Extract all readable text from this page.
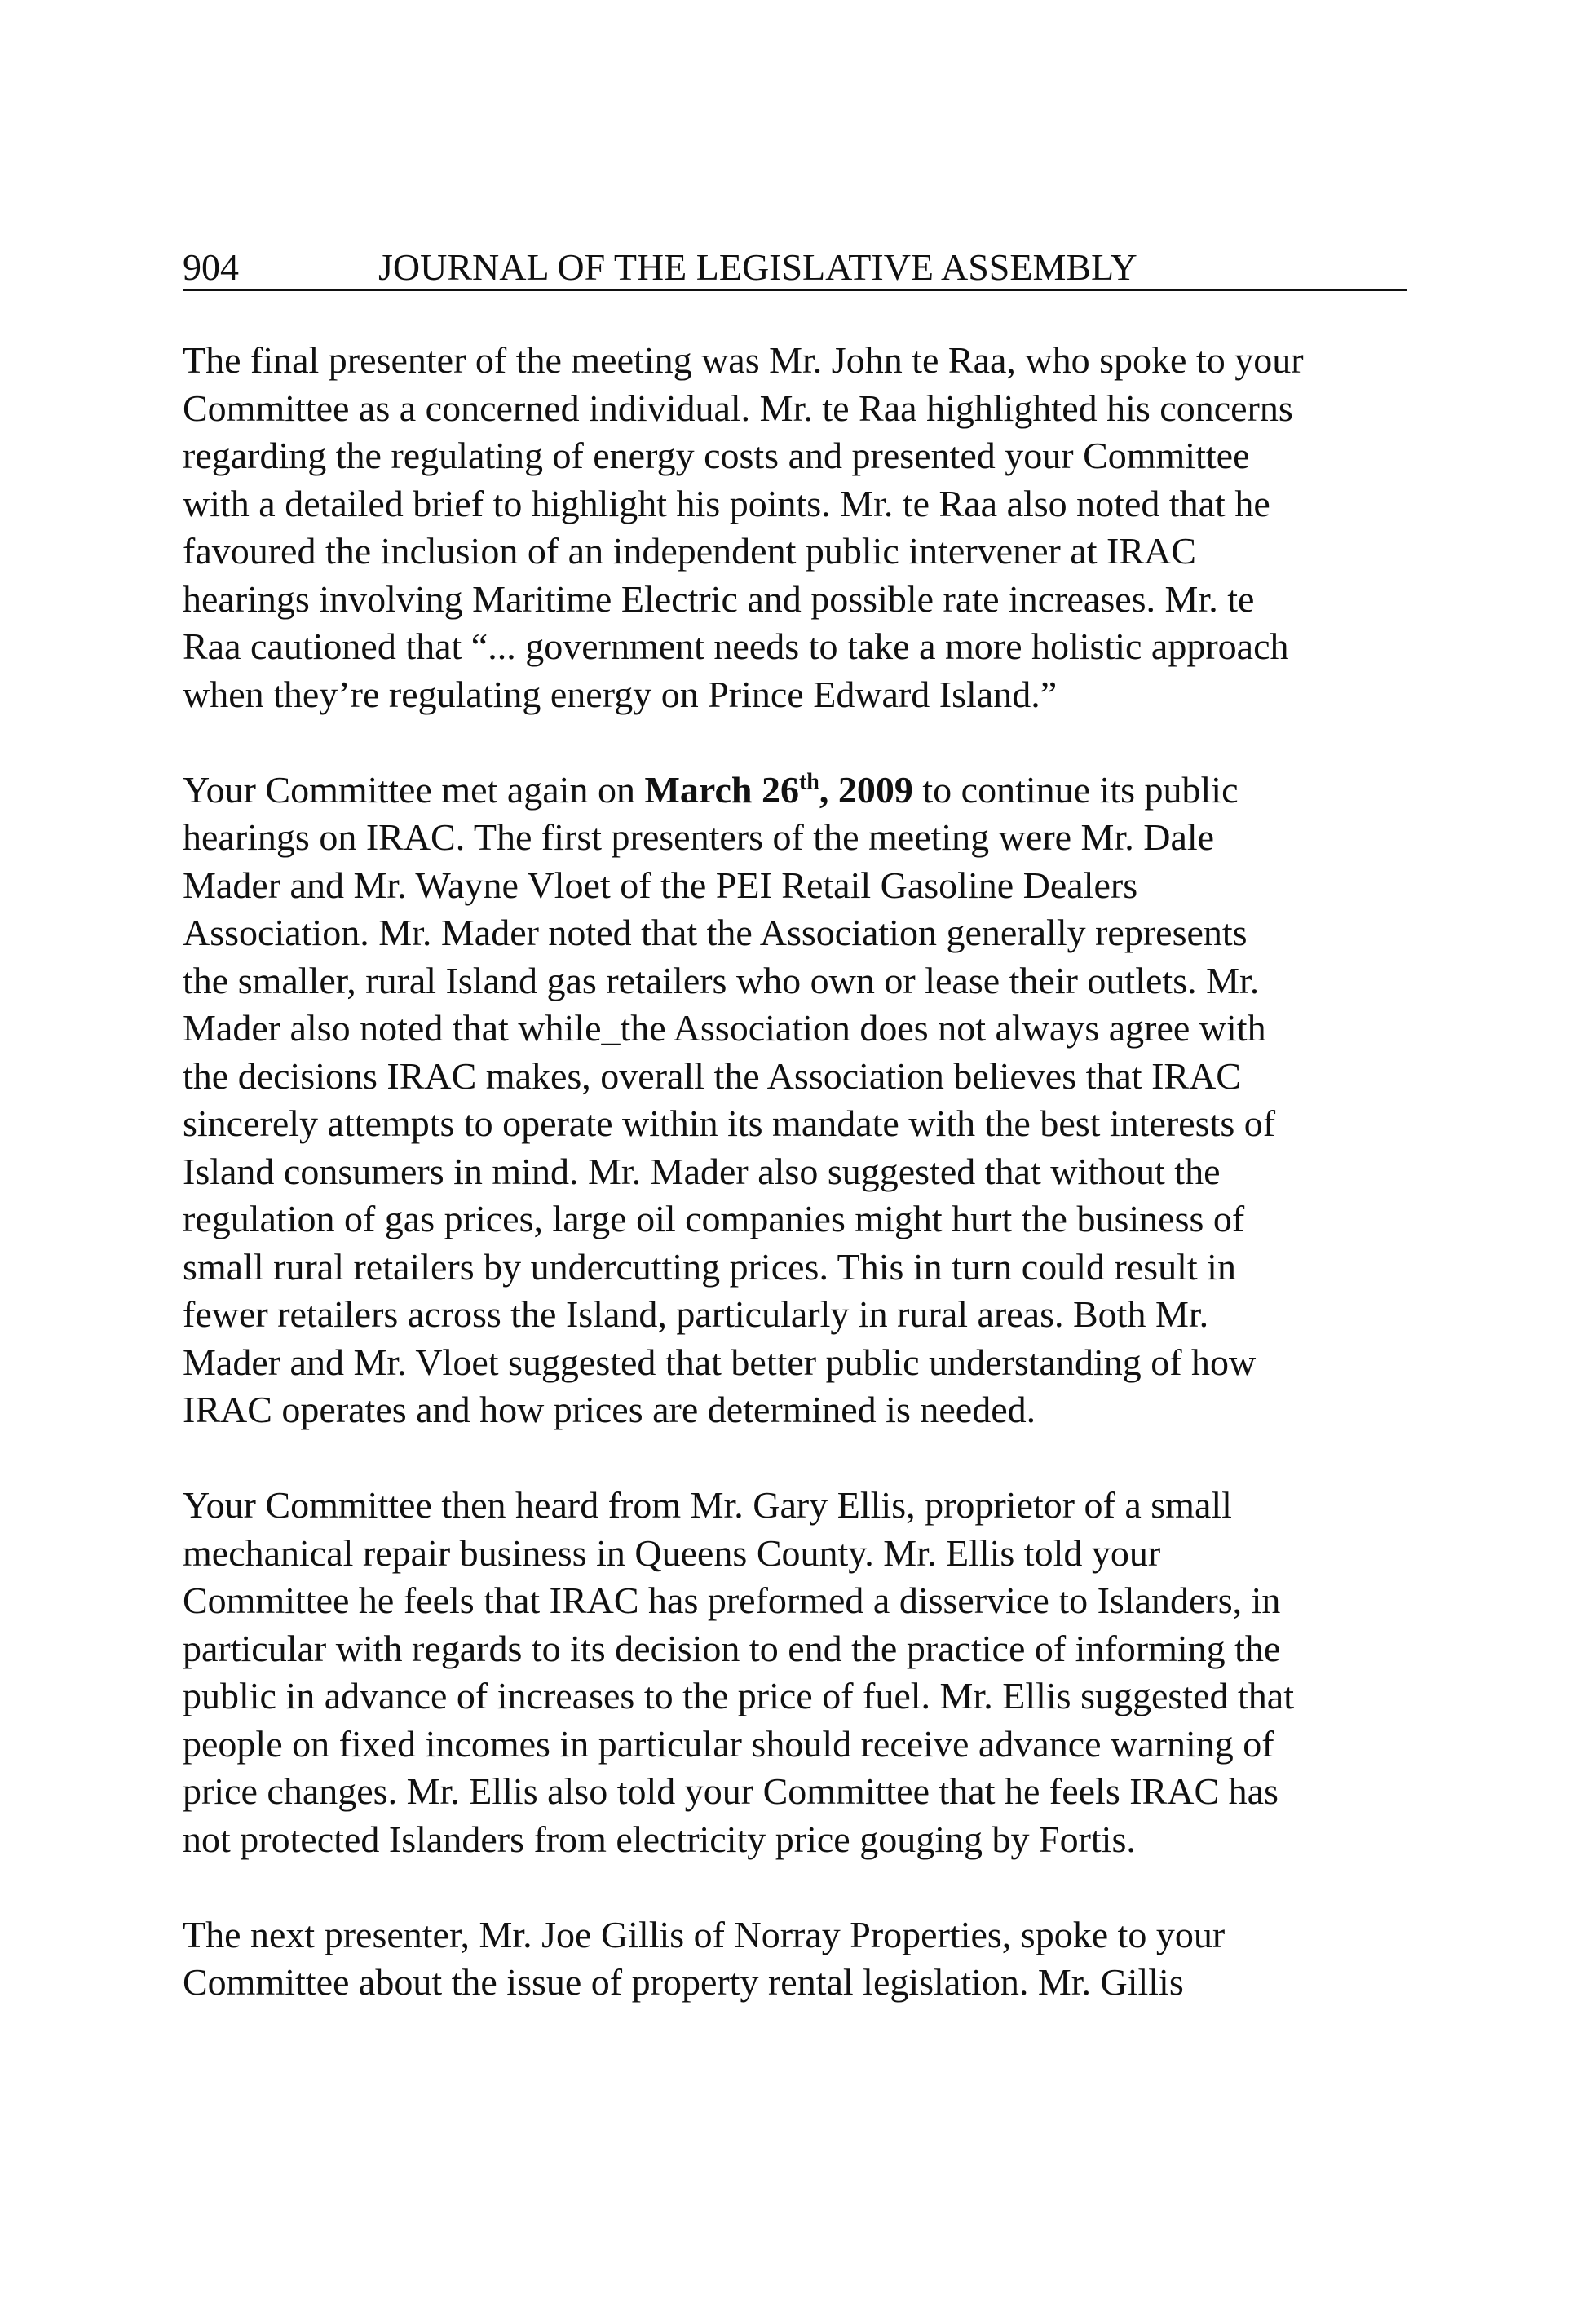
904	JOURNAL OF THE LEGISLATIVE ASSEMBLY

The final presenter of the meeting was Mr. John te Raa, who spoke to your
Committee as a concerned individual. Mr. te Raa highlighted his concerns
regarding the regulating of energy costs and presented your Committee
with a detailed brief to highlight his points. Mr. te Raa also noted that he
favoured the inclusion of an independent public intervener at IRAC
hearings involving Maritime Electric and possible rate increases. Mr. te
Raa cautioned that “... government needs to take a more holistic approach
when they’re regulating energy on Prince Edward Island.”

Your Committee met again on March 26th, 2009 to continue its public
hearings on IRAC. The first presenters of the meeting were Mr. Dale
Mader and Mr. Wayne Vloet of the PEI Retail Gasoline Dealers
Association. Mr. Mader noted that the Association generally represents
the smaller, rural Island gas retailers who own or lease their outlets. Mr.
Mader also noted that while_the Association does not always agree with
the decisions IRAC makes, overall the Association believes that IRAC
sincerely attempts to operate within its mandate with the best interests of
Island consumers in mind. Mr. Mader also suggested that without the
regulation of gas prices, large oil companies might hurt the business of
small rural retailers by undercutting prices. This in turn could result in
fewer retailers across the Island, particularly in rural areas. Both Mr.
Mader and Mr. Vloet suggested that better public understanding of how
IRAC operates and how prices are determined is needed.

Your Committee then heard from Mr. Gary Ellis, proprietor of a small
mechanical repair business in Queens County. Mr. Ellis told your
Committee he feels that IRAC has preformed a disservice to Islanders, in
particular with regards to its decision to end the practice of informing the
public in advance of increases to the price of fuel. Mr. Ellis suggested that
people on fixed incomes in particular should receive advance warning of
price changes. Mr. Ellis also told your Committee that he feels IRAC has
not protected Islanders from electricity price gouging by Fortis.

The next presenter, Mr. Joe Gillis of Norray Properties, spoke to your
Committee about the issue of property rental legislation. Mr. Gillis
